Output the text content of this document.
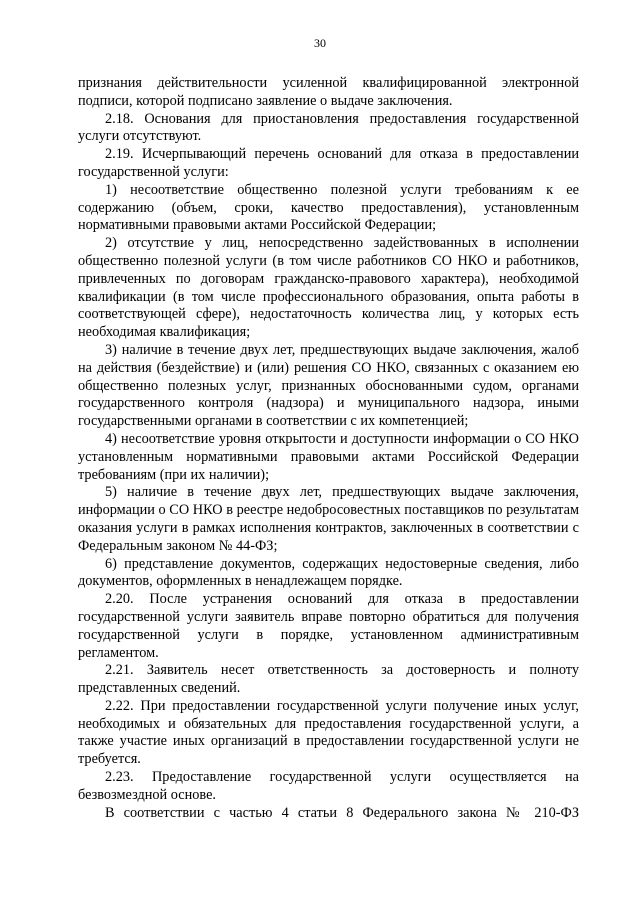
30

признания действительности усиленной квалифицированной электронной подписи, которой подписано заявление о выдаче заключения.

2.18. Основания для приостановления предоставления государственной услуги отсутствуют.

2.19. Исчерпывающий перечень оснований для отказа в предоставлении государственной услуги:

1) несоответствие общественно полезной услуги требованиям к ее содержанию (объем, сроки, качество предоставления), установленным нормативными правовыми актами Российской Федерации;

2) отсутствие у лиц, непосредственно задействованных в исполнении общественно полезной услуги (в том числе работников СО НКО и работников, привлеченных по договорам гражданско-правового характера), необходимой квалификации (в том числе профессионального образования, опыта работы в соответствующей сфере), недостаточность количества лиц, у которых есть необходимая квалификация;

3) наличие в течение двух лет, предшествующих выдаче заключения, жалоб на действия (бездействие) и (или) решения СО НКО, связанных с оказанием ею общественно полезных услуг, признанных обоснованными судом, органами государственного контроля (надзора) и муниципального надзора, иными государственными органами в соответствии с их компетенцией;

4) несоответствие уровня открытости и доступности информации о СО НКО установленным нормативными правовыми актами Российской Федерации требованиям (при их наличии);

5) наличие в течение двух лет, предшествующих выдаче заключения, информации о СО НКО в реестре недобросовестных поставщиков по результатам оказания услуги в рамках исполнения контрактов, заключенных в соответствии с Федеральным законом № 44-ФЗ;

6) представление документов, содержащих недостоверные сведения, либо документов, оформленных в ненадлежащем порядке.

2.20. После устранения оснований для отказа в предоставлении государственной услуги заявитель вправе повторно обратиться для получения государственной услуги в порядке, установленном административным регламентом.

2.21. Заявитель несет ответственность за достоверность и полноту представленных сведений.

2.22. При предоставлении государственной услуги получение иных услуг, необходимых и обязательных для предоставления государственной услуги, а также участие иных организаций в предоставлении государственной услуги не требуется.

2.23. Предоставление государственной услуги осуществляется на безвозмездной основе.

В соответствии с частью 4 статьи 8 Федерального закона № 210-ФЗ
